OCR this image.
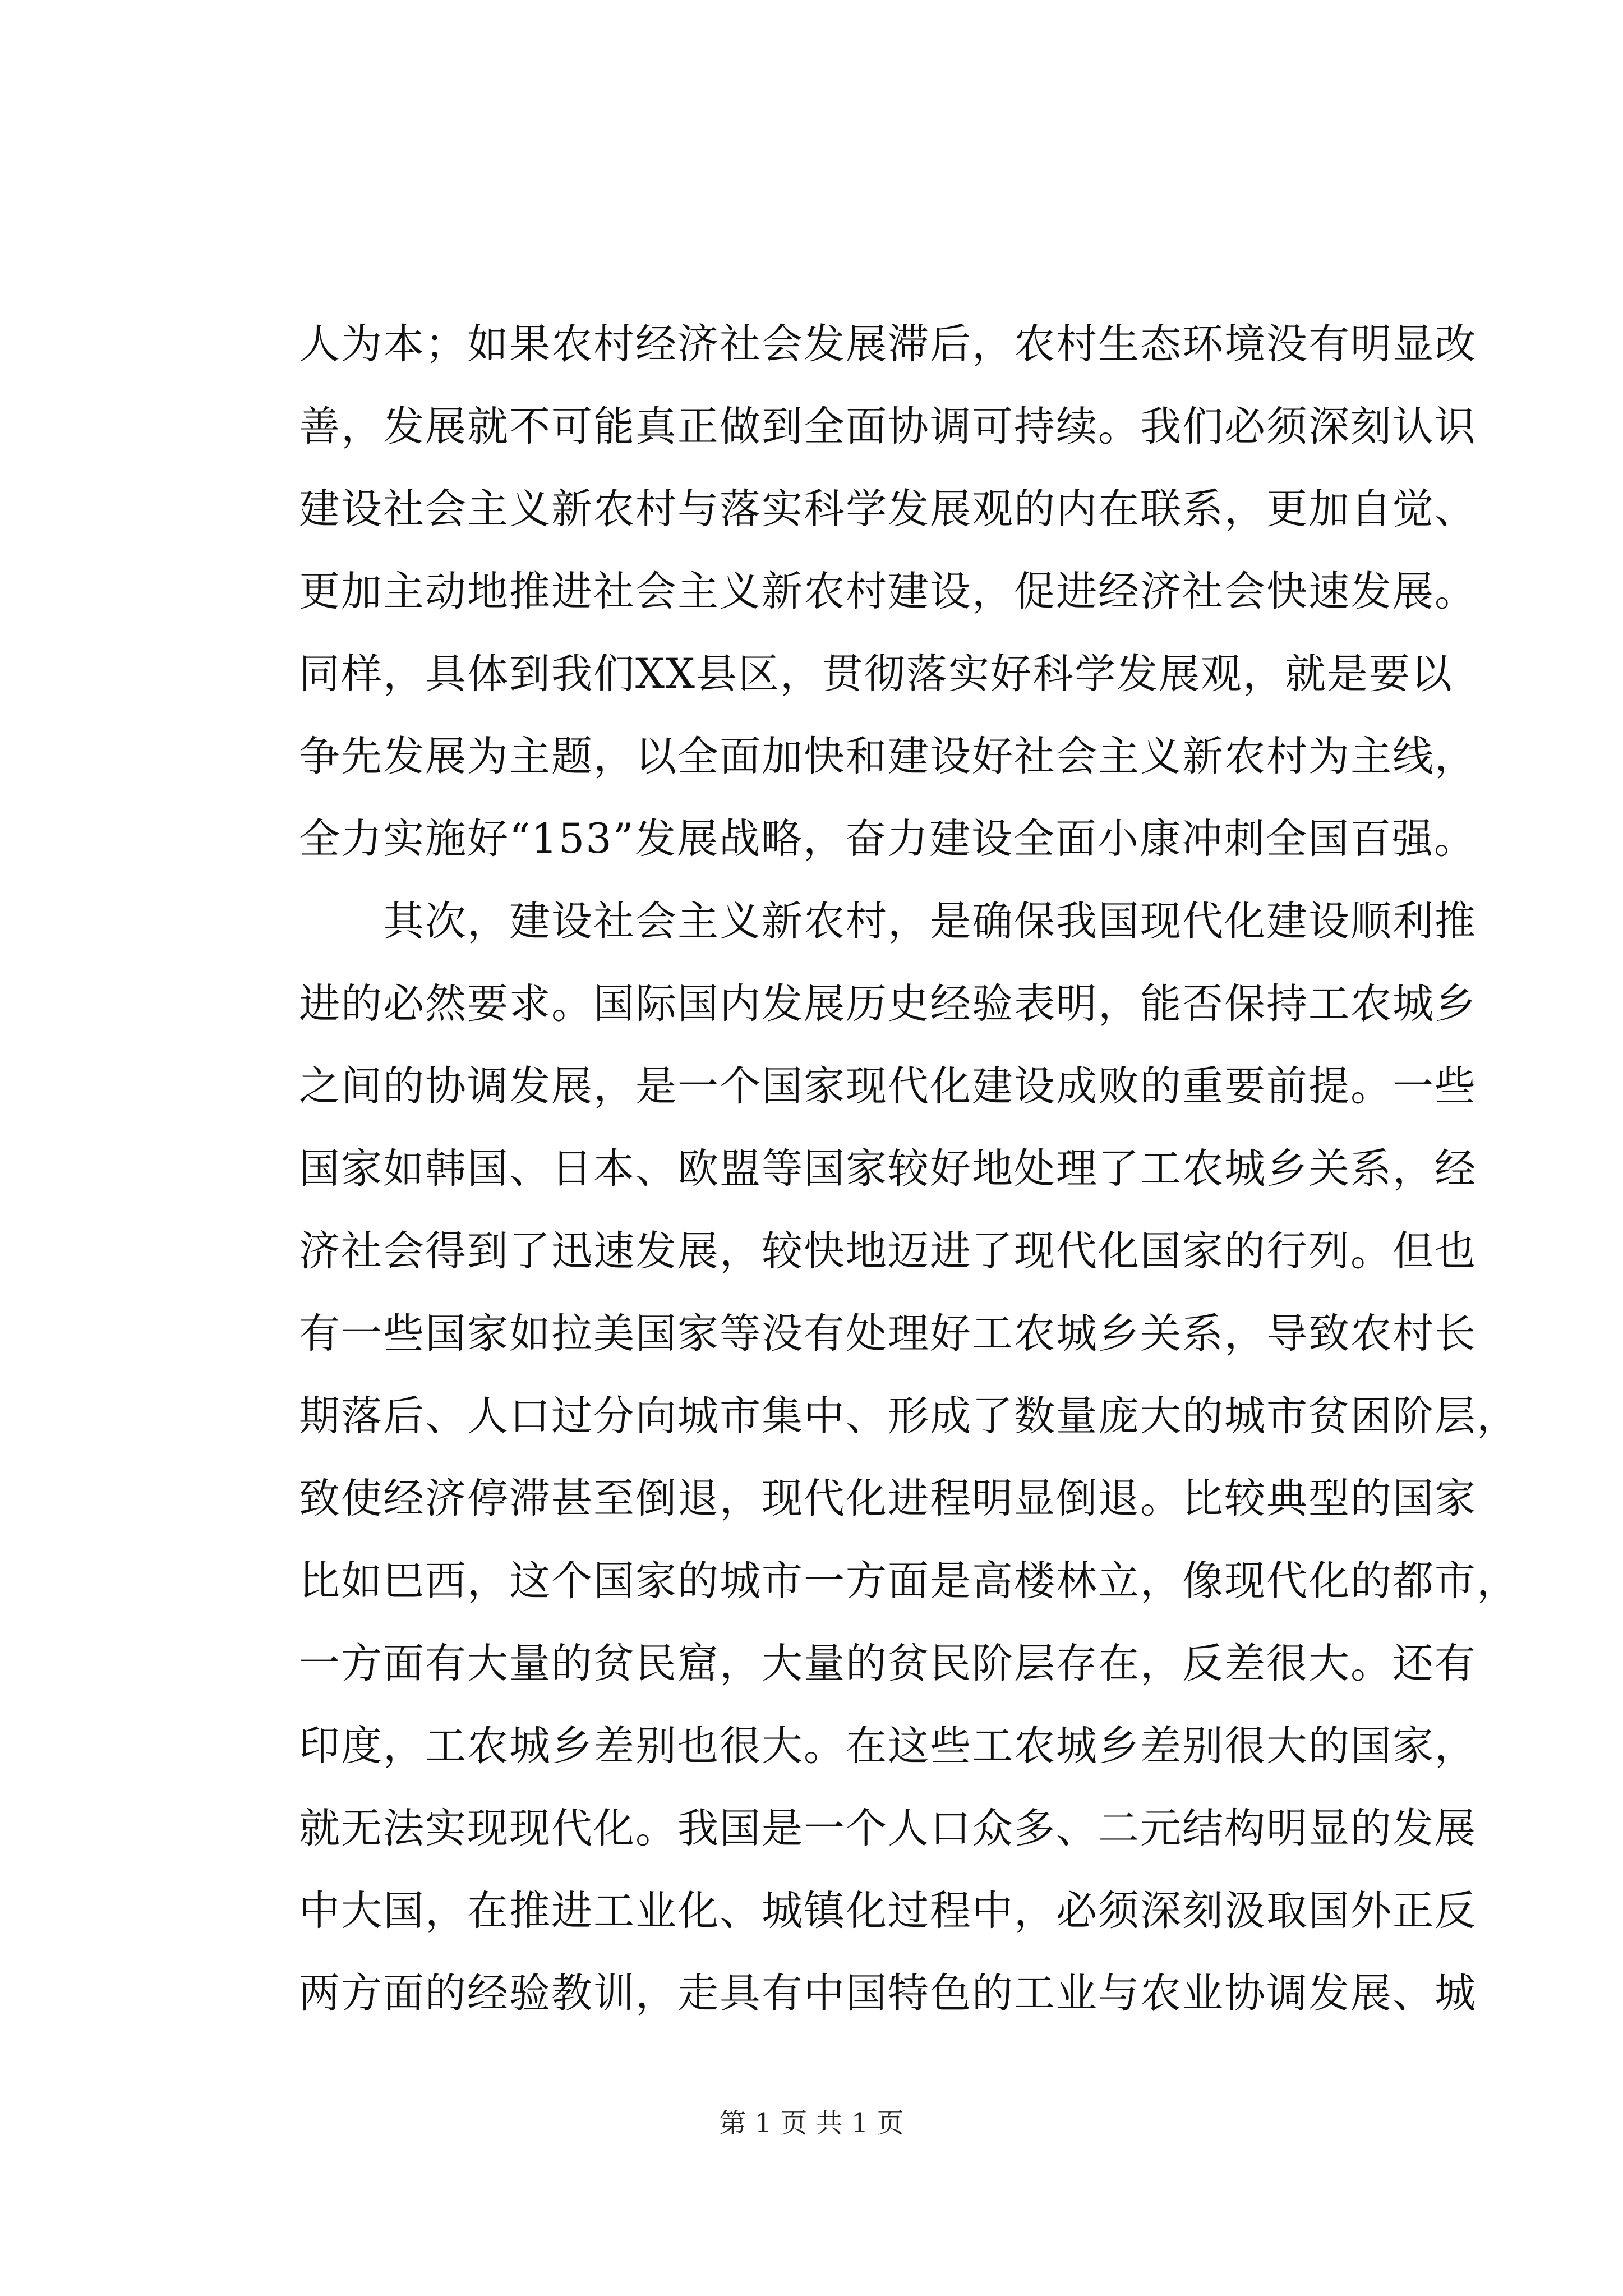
人为本；如果农村经济社会发展滞后，农村生态环境没有明显改
善，发展就不可能真正做到全面协调可持续。我们必须深刻认识
建设社会主义新农村与落实科学发展观的内在联系，更加自觉、
更加主动地推进社会主义新农村建设，促进经济社会快速发展。
同样，具体到我们XX县区，贯彻落实好科学发展观，就是要以
争先发展为主题，以全面加快和建设好社会主义新农村为主线，
全力实施好“153”发展战略，奋力建设全面小康冲刺全国百强。
其次，建设社会主义新农村，是确保我国现代化建设顺利推
进的必然要求。国际国内发展历史经验表明，能否保持工农城乡
之间的协调发展，是一个国家现代化建设成败的重要前提。一些
国家如韩国、日本、欧盟等国家较好地处理了工农城乡关系，经
济社会得到了迅速发展，较快地迈进了现代化国家的行列。但也
有一些国家如拉美国家等没有处理好工农城乡关系，导致农村长
期落后、人口过分向城市集中、形成了数量庞大的城市贫困阶层，
致使经济停滞甚至倒退，现代化进程明显倒退。比较典型的国家
比如巴西，这个国家的城市一方面是高楼林立，像现代化的都市，
一方面有大量的贫民窟，大量的贫民阶层存在，反差很大。还有
印度，工农城乡差别也很大。在这些工农城乡差别很大的国家，
就无法实现现代化。我国是一个人口众多、二元结构明显的发展
中大国，在推进工业化、城镇化过程中，必须深刻汲取国外正反
两方面的经验教训，走具有中国特色的工业与农业协调发展、城
第 1 页 共 1 页
